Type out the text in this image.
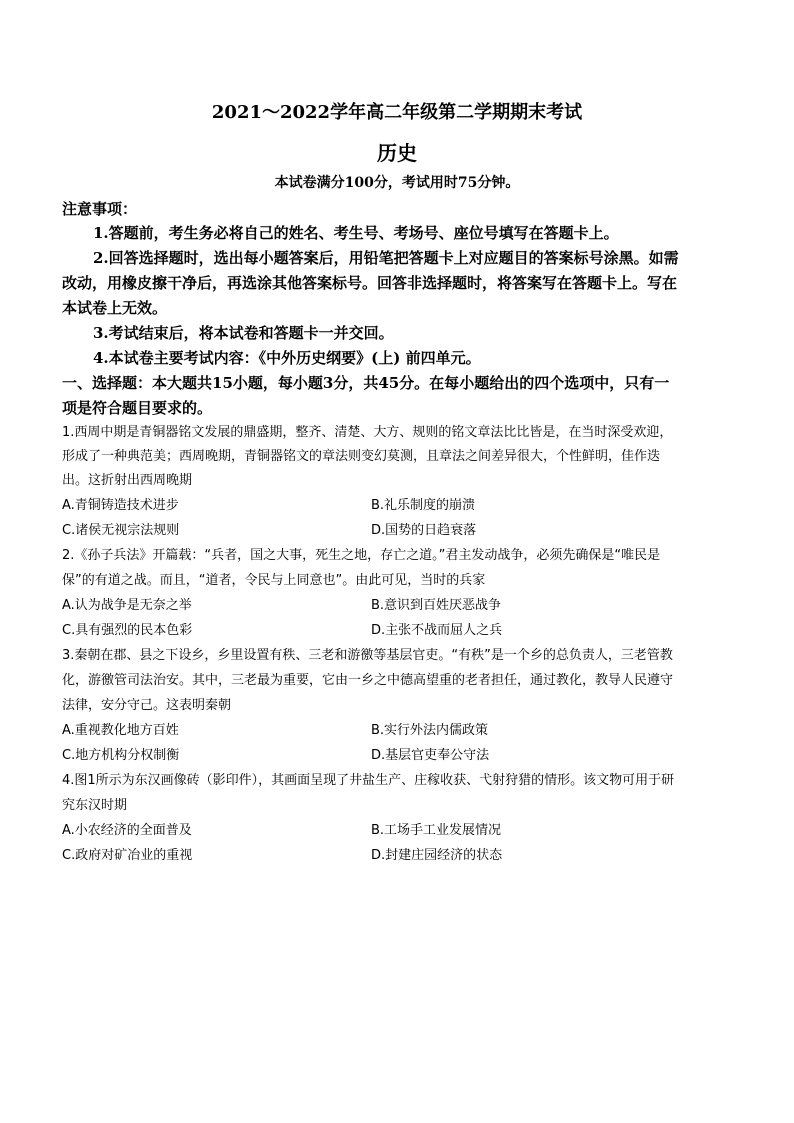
2021～2022学年高二年级第二学期期末考试
历史
本试卷满分100分，考试用时75分钟。
注意事项：
1.答题前，考生务必将自己的姓名、考生号、考场号、座位号填写在答题卡上。
2.回答选择题时，选出每小题答案后，用铅笔把答题卡上对应题目的答案标号涂黑。如需
改动，用橡皮擦干净后，再选涂其他答案标号。回答非选择题时，将答案写在答题卡上。写在
本试卷上无效。
3.考试结束后，将本试卷和答题卡一并交回。
4.本试卷主要考试内容：《中外历史纲要》(上) 前四单元。
一、选择题：本大题共15小题，每小题3分，共45分。在每小题给出的四个选项中，只有一
项是符合题目要求的。
1.西周中期是青铜器铭文发展的鼎盛期，整齐、清楚、大方、规则的铭文章法比比皆是，在当时深受欢迎，
形成了一种典范美；西周晚期，青铜器铭文的章法则变幻莫测，且章法之间差异很大，个性鲜明，佳作迭
出。这折射出西周晚期
A.青铜铸造技术进步	B.礼乐制度的崩溃
C.诸侯无视宗法规则	D.国势的日趋衰落
2.《孙子兵法》开篇载：“兵者，国之大事，死生之地，存亡之道。”君主发动战争，必须先确保是“唯民是
保”的有道之战。而且，“道者，令民与上同意也”。由此可见，当时的兵家
A.认为战争是无奈之举	B.意识到百姓厌恶战争
C.具有强烈的民本色彩	D.主张不战而屈人之兵
3.秦朝在郡、县之下设乡，乡里设置有秩、三老和游徼等基层官吏。“有秩”是一个乡的总负责人，三老管教
化，游徼管司法治安。其中，三老最为重要，它由一乡之中德高望重的老者担任，通过教化，教导人民遵守
法律，安分守己。这表明秦朝
A.重视教化地方百姓	B.实行外法内儒政策
C.地方机构分权制衡	D.基层官吏奉公守法
4.图1所示为东汉画像砖（影印件），其画面呈现了井盐生产、庄稼收获、弋射狩猎的情形。该文物可用于研
究东汉时期
A.小农经济的全面普及	B.工场手工业发展情况
C.政府对矿冶业的重视	D.封建庄园经济的状态
